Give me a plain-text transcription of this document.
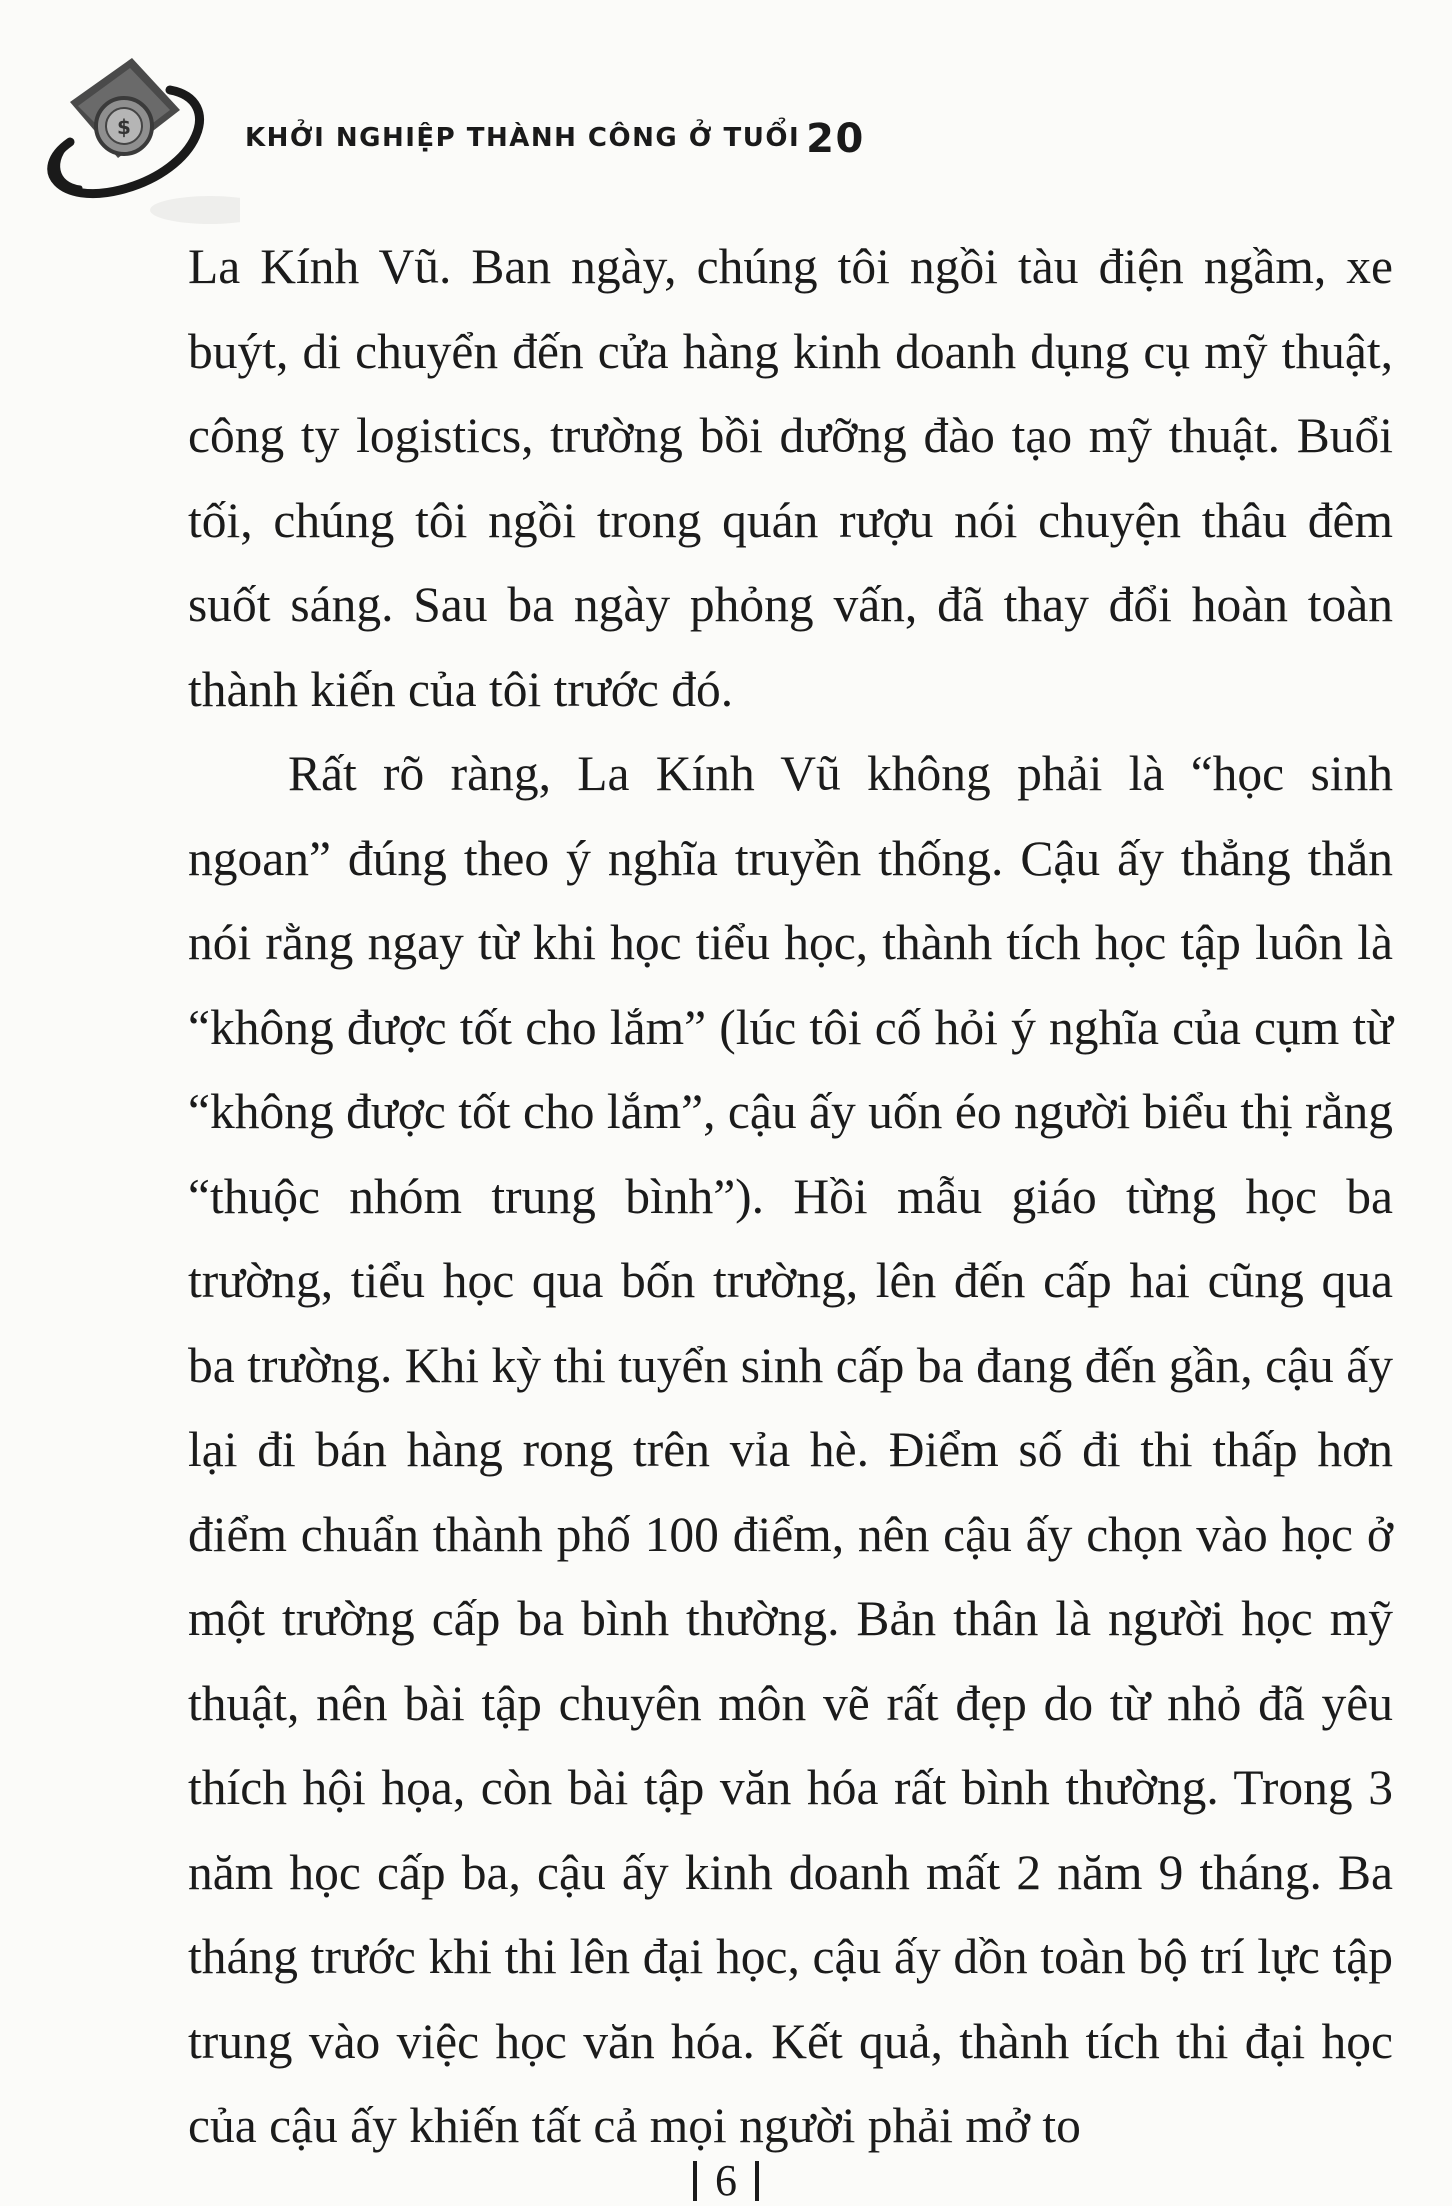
$	KHỞI NGHIỆP THÀNH CÔNG Ở TUỔI 20

La Kính Vũ. Ban ngày, chúng tôi ngồi tàu điện ngầm, xe buýt, di chuyển đến cửa hàng kinh doanh dụng cụ mỹ thuật, công ty logistics, trường bồi dưỡng đào tạo mỹ thuật. Buổi tối, chúng tôi ngồi trong quán rượu nói chuyện thâu đêm suốt sáng. Sau ba ngày phỏng vấn, đã thay đổi hoàn toàn thành kiến của tôi trước đó.

Rất rõ ràng, La Kính Vũ không phải là “học sinh ngoan” đúng theo ý nghĩa truyền thống. Cậu ấy thẳng thắn nói rằng ngay từ khi học tiểu học, thành tích học tập luôn là “không được tốt cho lắm” (lúc tôi cố hỏi ý nghĩa của cụm từ “không được tốt cho lắm”, cậu ấy uốn éo người biểu thị rằng “thuộc nhóm trung bình”). Hồi mẫu giáo từng học ba trường, tiểu học qua bốn trường, lên đến cấp hai cũng qua ba trường. Khi kỳ thi tuyển sinh cấp ba đang đến gần, cậu ấy lại đi bán hàng rong trên vỉa hè. Điểm số đi thi thấp hơn điểm chuẩn thành phố 100 điểm, nên cậu ấy chọn vào học ở một trường cấp ba bình thường. Bản thân là người học mỹ thuật, nên bài tập chuyên môn vẽ rất đẹp do từ nhỏ đã yêu thích hội họa, còn bài tập văn hóa rất bình thường. Trong 3 năm học cấp ba, cậu ấy kinh doanh mất 2 năm 9 tháng. Ba tháng trước khi thi lên đại học, cậu ấy dồn toàn bộ trí lực tập trung vào việc học văn hóa. Kết quả, thành tích thi đại học của cậu ấy khiến tất cả mọi người phải mở to

6
